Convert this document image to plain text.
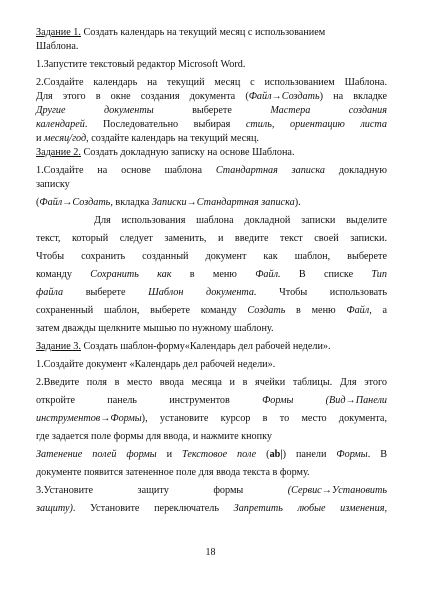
Задание 1. Создать календарь на текущий месяц с использованием
Шаблона.
1.Запустите текстовый редактор Microsoft Word.
2.Создайте календарь на текущий месяц с использованием Шаблона.
Для этого в окне создания документа (Файл→Создать) на вкладке
Другие	документы	выберете	Мастера	создания
календарей. Последовательно выбирая стиль, ориентацию листа
и месяц/год, создайте календарь на текущий месяц.
Задание 2. Создать докладную записку на основе Шаблона.
1.Создайте на основе шаблона Стандартная записка докладную
записку
(Файл→Создать, вкладка Записки→Стандартная записка).
Для использования шаблона докладной записки выделите
текст, который следует заменить, и введите текст своей записки.
Чтобы сохранить созданный документ как шаблон, выберете
команду Сохранить как в меню Файл. В списке Тип
файла выберете Шаблон документа. Чтобы использовать
сохраненный шаблон, выберете команду Создать в меню Файл, а
затем дважды щелкните мышью по нужному шаблону.
Задание 3. Создать шаблон-форму«Календарь дел рабочей недели».
1.Создайте документ «Календарь дел рабочей недели».
2.Введите поля в место ввода месяца и в ячейки таблицы. Для этого
откройте	панель	инструментов	Формы	(Вид→Панели
инструментов→Формы), установите курсор в то место документа,
где задается поле формы для ввода, и нажмите кнопку
Затенение полей формы и Текстовое поле (ab|) панели Формы. В
документе появится затененное поле для ввода текста в форму.
3.Установите	защиту	формы	(Сервис→Установить
защиту). Установите переключатель Запретить любые изменения,
18
